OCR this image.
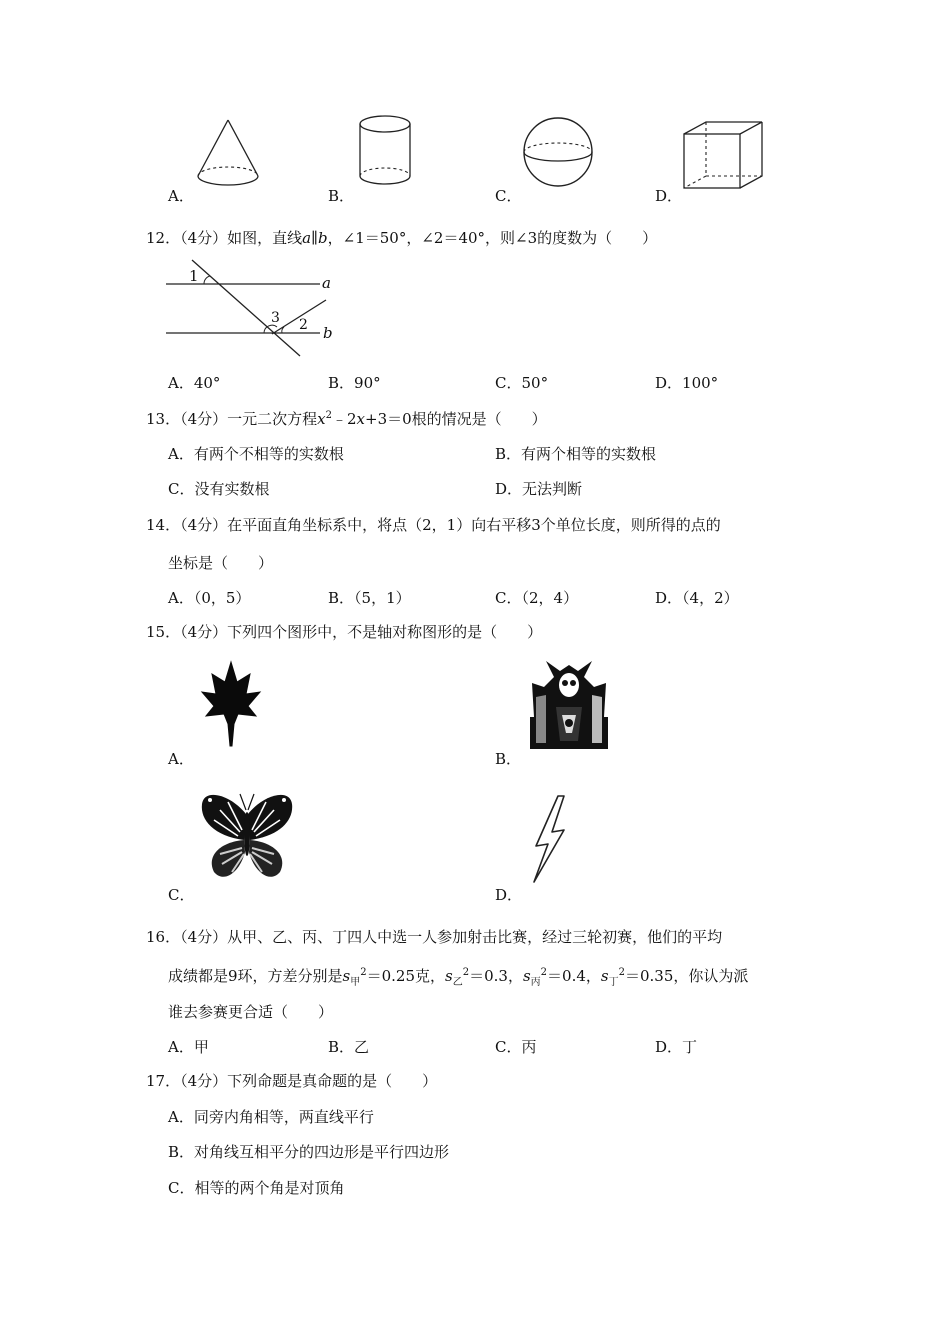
A．	B．	C．	D．
12．（4分）如图，直线a∥b，∠1＝50°，∠2＝40°，则∠3的度数为（　　）
1
3 2
a
b
A．40°	B．90°	C．50°	D．100°
13．（4分）一元二次方程$x^2﹣2x+3=0$根的情况是（　　）
A．有两个不相等的实数根	B．有两个相等的实数根
C．没有实数根	D．无法判断
14．（4分）在平面直角坐标系中，将点（2，1）向右平移3个单位长度，则所得的点的
坐标是（　　）
A．（0，5）	B．（5，1）	C．（2，4）	D．（4，2）
15．（4分）下列四个图形中，不是轴对称图形的是（　　）
A．	B．
C．	D．
16．（4分）从甲、乙、丙、丁四人中选一人参加射击比赛，经过三轮初赛，他们的平均
成绩都是9环，方差分别是$s_甲^2=0.25$克，$s_乙^2=0.3$，$s_丙^2=0.4$，$s_丁^2=0.35$，你认为派
谁去参赛更合适（　　）
A．甲	B．乙	C．丙	D．丁
17．（4分）下列命题是真命题的是（　　）
A．同旁内角相等，两直线平行
B．对角线互相平分的四边形是平行四边形
C．相等的两个角是对顶角
